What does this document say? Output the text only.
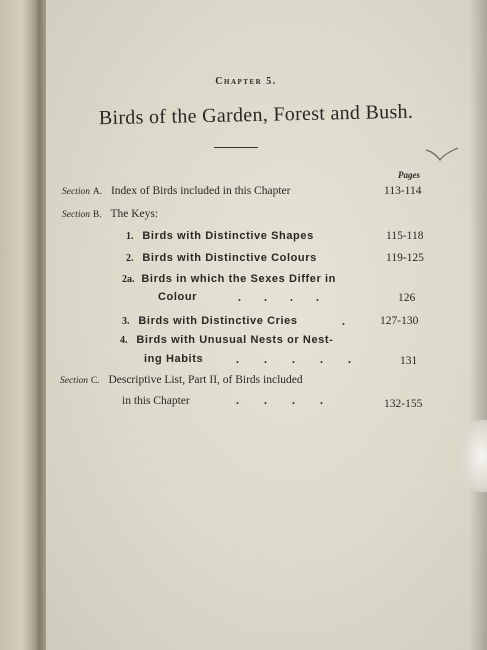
Chapter 5.
Birds of the Garden, Forest and Bush.
Pages
Section A. Index of Birds included in this Chapter	113-114
Section B. The Keys:
1. Birds with Distinctive Shapes	115-118
2. Birds with Distinctive Colours	119-125
2a. Birds in which the Sexes Differ in
Colour	. . . .	126
3. Birds with Distinctive Cries	.	127-130
4. Birds with Unusual Nests or Nest-
ing Habits	. . . . .	131
Section C. Descriptive List, Part II, of Birds included
in this Chapter	. . . .	132-155
